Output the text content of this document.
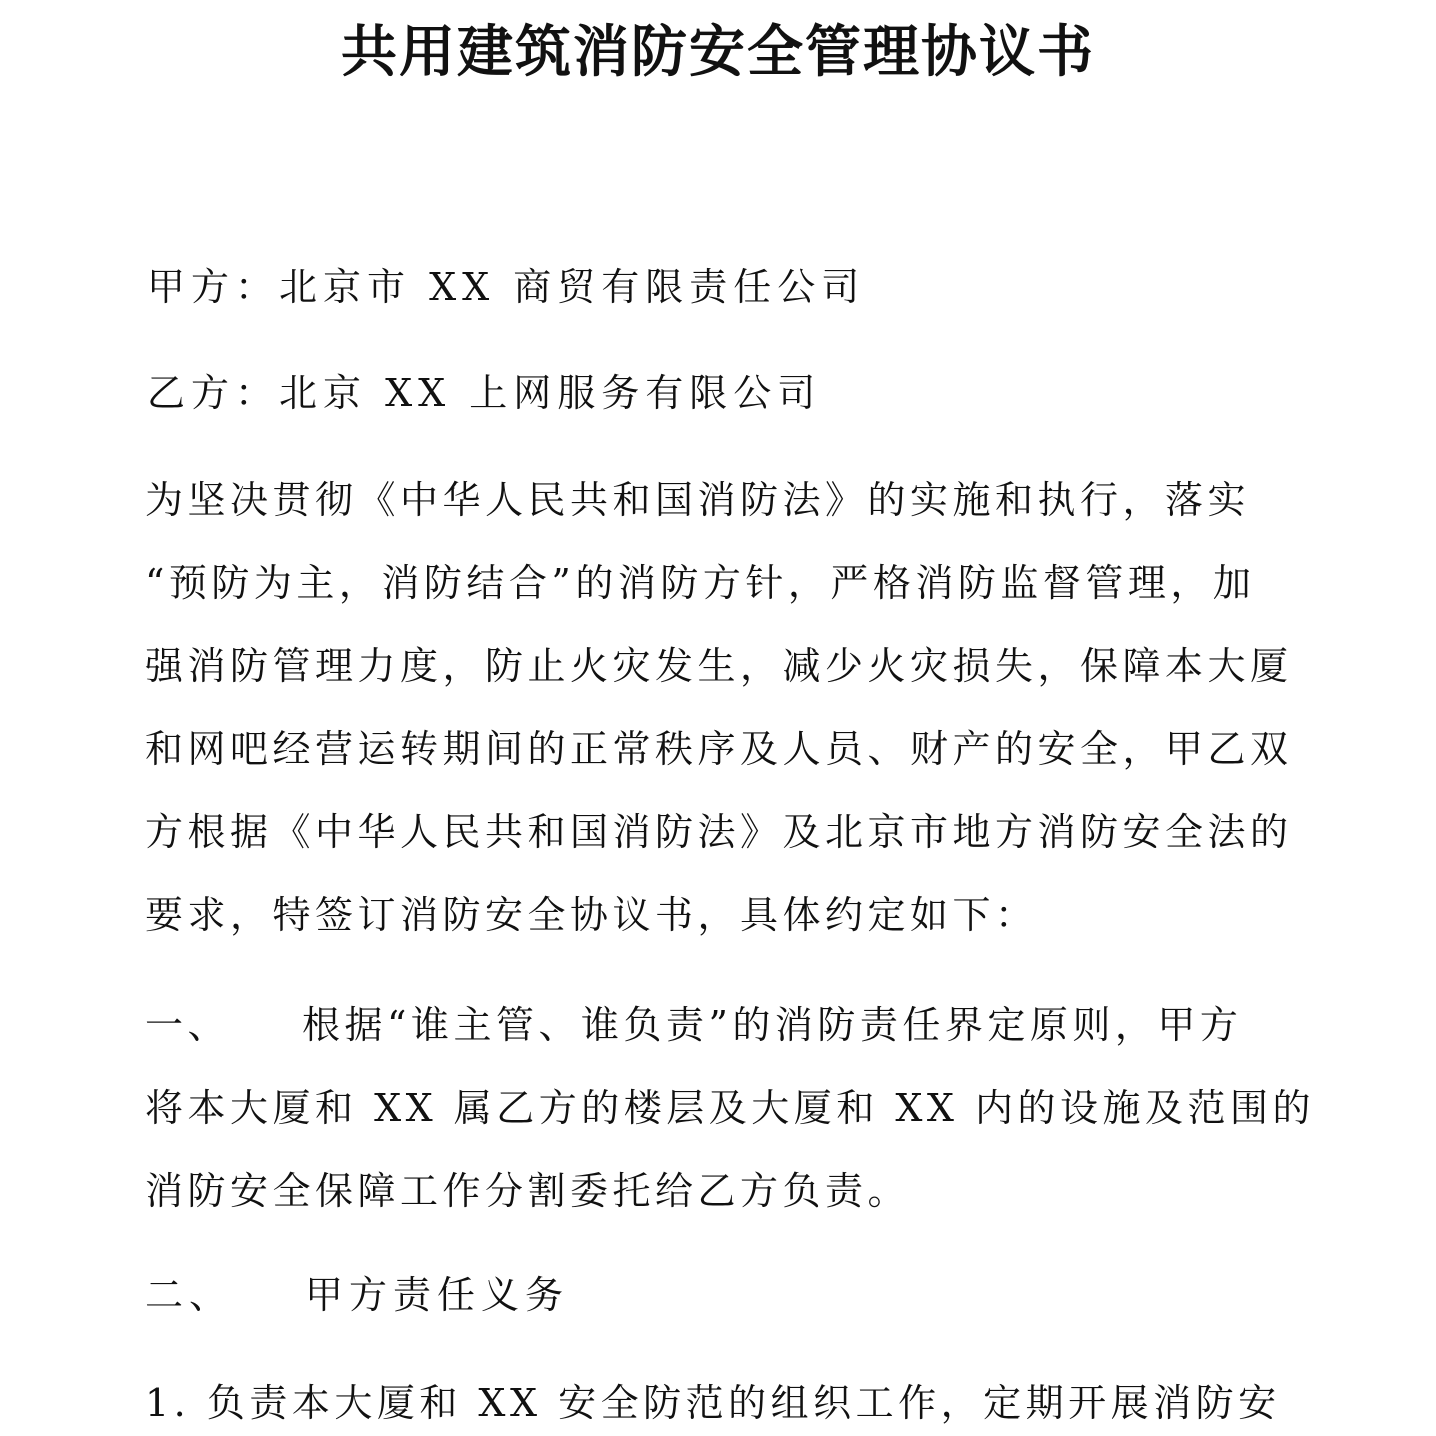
共用建筑消防安全管理协议书

甲方：北京市 XX 商贸有限责任公司

乙方：北京 XX 上网服务有限公司

为坚决贯彻《中华人民共和国消防法》的实施和执行，落实
“预防为主，消防结合”的消防方针，严格消防监督管理，加
强消防管理力度，防止火灾发生，减少火灾损失，保障本大厦
和网吧经营运转期间的正常秩序及人员、财产的安全，甲乙双
方根据《中华人民共和国消防法》及北京市地方消防安全法的
要求，特签订消防安全协议书，具体约定如下：
一、 根据“谁主管、谁负责”的消防责任界定原则，甲方
将本大厦和 XX 属乙方的楼层及大厦和 XX 内的设施及范围的
消防安全保障工作分割委托给乙方负责。

二、 甲方责任义务

1. 负责本大厦和 XX 安全防范的组织工作，定期开展消防安
